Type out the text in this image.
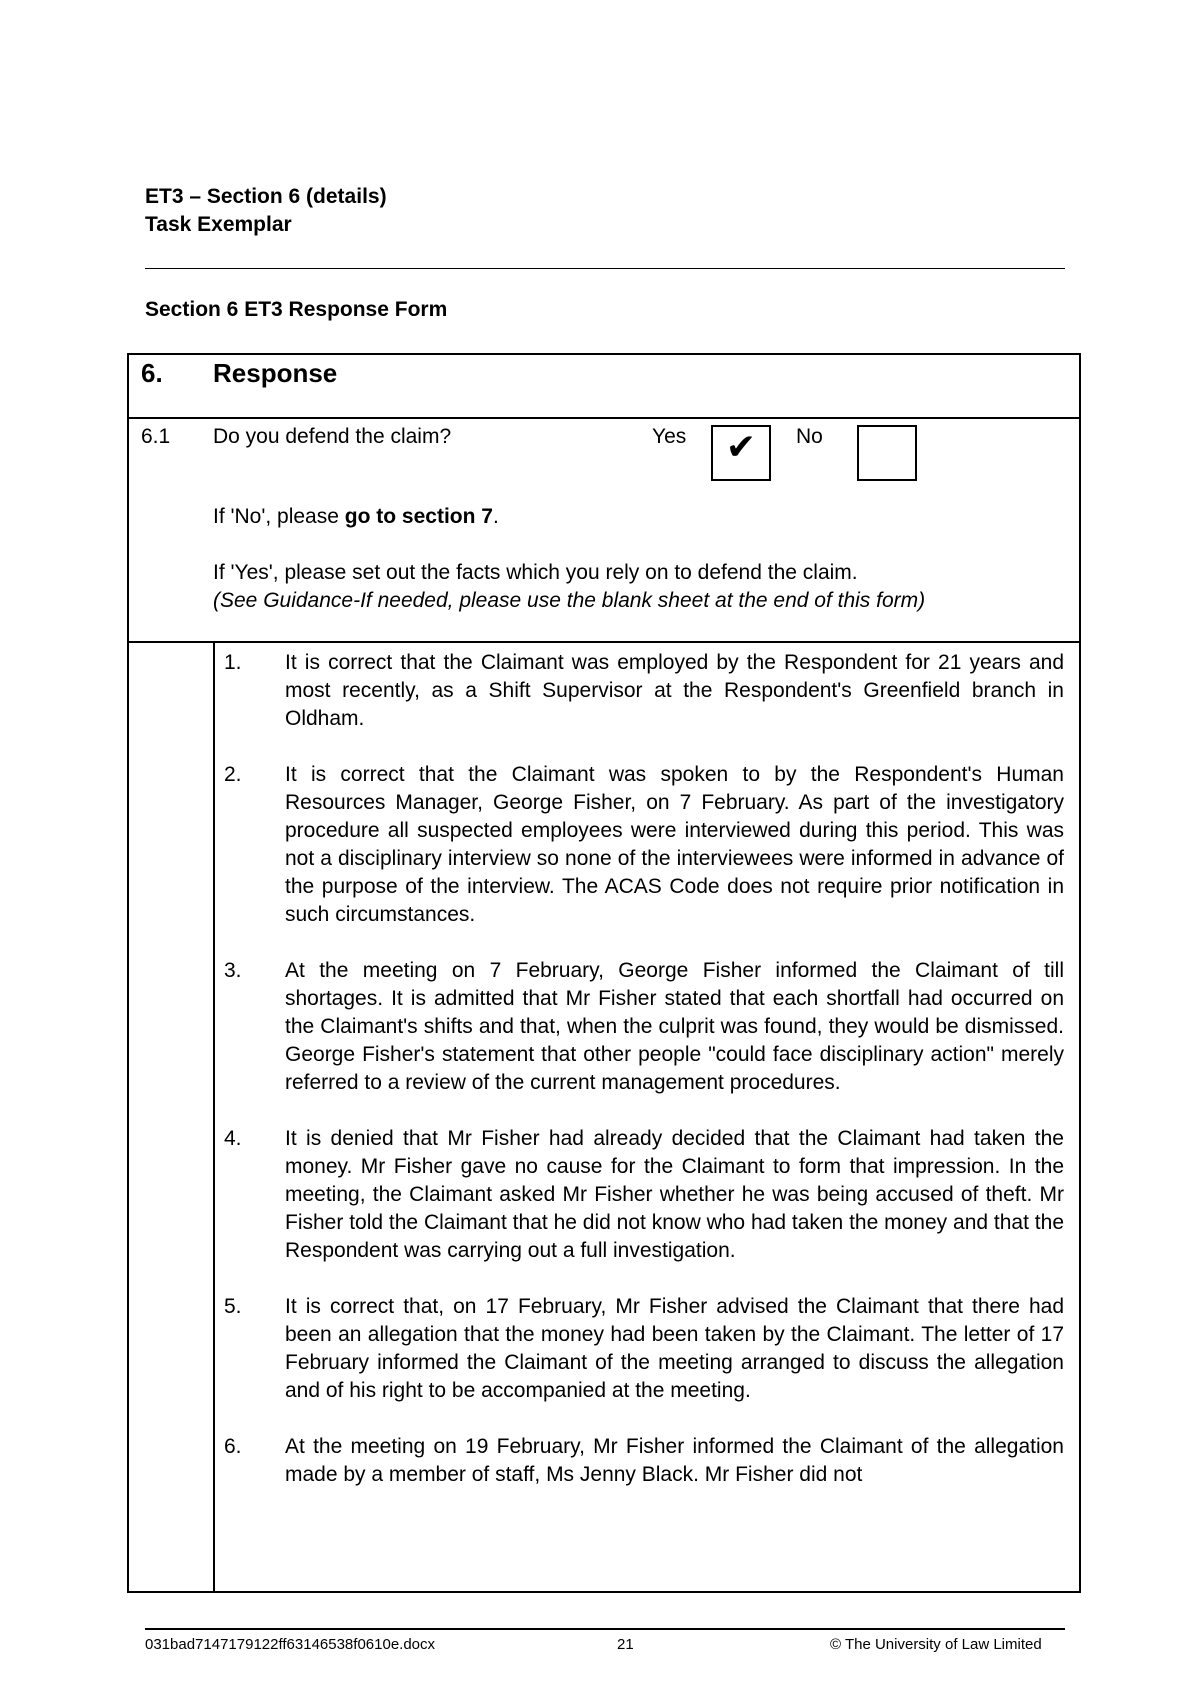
ET3 – Section 6 (details)
Task Exemplar
Section 6 ET3 Response Form
6. Response
6.1 Do you defend the claim?	Yes	✔	No
If 'No', please go to section 7.
If 'Yes', please set out the facts which you rely on to defend the claim.
(See Guidance-If needed, please use the blank sheet at the end of this form)
1. It is correct that the Claimant was employed by the Respondent for 21 years and most recently, as a Shift Supervisor at the Respondent's Greenfield branch in Oldham.
2. It is correct that the Claimant was spoken to by the Respondent's Human Resources Manager, George Fisher, on 7 February. As part of the investigatory procedure all suspected employees were interviewed during this period. This was not a disciplinary interview so none of the interviewees were informed in advance of the purpose of the interview. The ACAS Code does not require prior notification in such circumstances.
3. At the meeting on 7 February, George Fisher informed the Claimant of till shortages. It is admitted that Mr Fisher stated that each shortfall had occurred on the Claimant's shifts and that, when the culprit was found, they would be dismissed. George Fisher's statement that other people "could face disciplinary action" merely referred to a review of the current management procedures.
4. It is denied that Mr Fisher had already decided that the Claimant had taken the money. Mr Fisher gave no cause for the Claimant to form that impression. In the meeting, the Claimant asked Mr Fisher whether he was being accused of theft. Mr Fisher told the Claimant that he did not know who had taken the money and that the Respondent was carrying out a full investigation.
5. It is correct that, on 17 February, Mr Fisher advised the Claimant that there had been an allegation that the money had been taken by the Claimant. The letter of 17 February informed the Claimant of the meeting arranged to discuss the allegation and of his right to be accompanied at the meeting.
6. At the meeting on 19 February, Mr Fisher informed the Claimant of the allegation made by a member of staff, Ms Jenny Black. Mr Fisher did not
031bad7147179122ff63146538f0610e.docx	21	© The University of Law Limited
